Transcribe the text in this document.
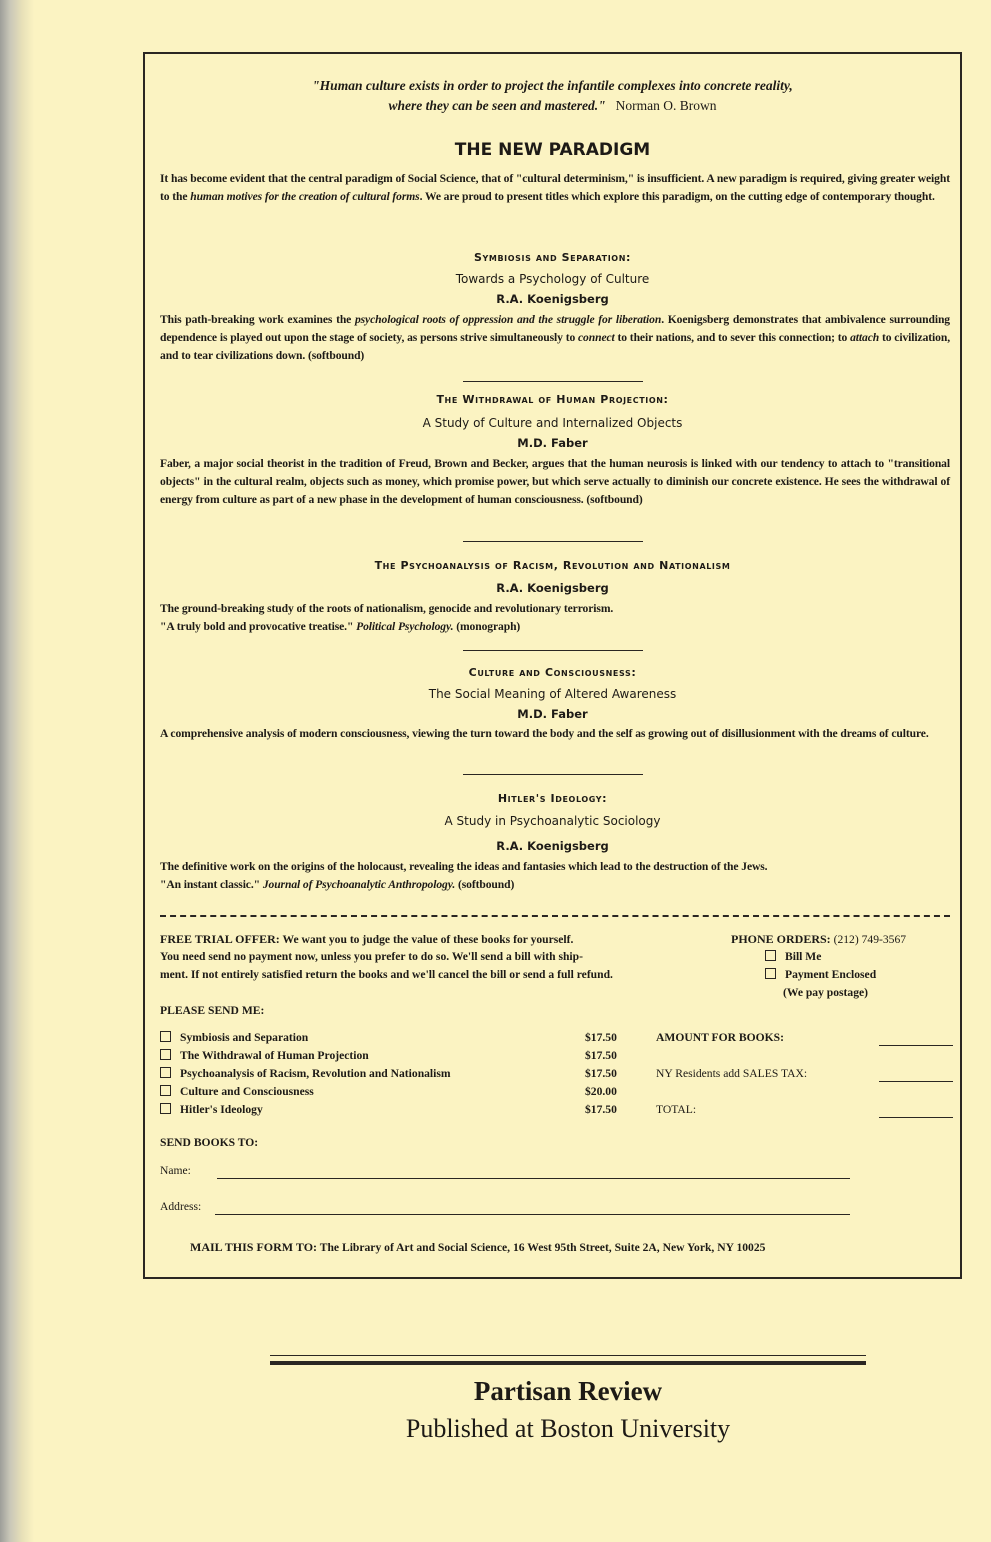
"Human culture exists in order to project the infantile complexes into concrete reality,
where they can be seen and mastered." Norman O. Brown
THE NEW PARADIGM
It has become evident that the central paradigm of Social Science, that of "cultural determinism," is insufficient. A new paradigm is required, giving greater weight to the human motives for the creation of cultural forms. We are proud to present titles which explore this paradigm, on the cutting edge of contemporary thought.
Symbiosis and Separation:
Towards a Psychology of Culture
R.A. Koenigsberg
This path-breaking work examines the psychological roots of oppression and the struggle for liberation. Koenigsberg demonstrates that ambivalence surrounding dependence is played out upon the stage of society, as persons strive simultaneously to connect to their nations, and to sever this connection; to attach to civilization, and to tear civilizations down. (softbound)
The Withdrawal of Human Projection:
A Study of Culture and Internalized Objects
M.D. Faber
Faber, a major social theorist in the tradition of Freud, Brown and Becker, argues that the human neurosis is linked with our tendency to attach to "transitional objects" in the cultural realm, objects such as money, which promise power, but which serve actually to diminish our concrete existence. He sees the withdrawal of energy from culture as part of a new phase in the development of human consciousness. (softbound)
The Psychoanalysis of Racism, Revolution and Nationalism
R.A. Koenigsberg
The ground-breaking study of the roots of nationalism, genocide and revolutionary terrorism.
"A truly bold and provocative treatise." Political Psychology. (monograph)
Culture and Consciousness:
The Social Meaning of Altered Awareness
M.D. Faber
A comprehensive analysis of modern consciousness, viewing the turn toward the body and the self as growing out of disillusionment with the dreams of culture.
Hitler's Ideology:
A Study in Psychoanalytic Sociology
R.A. Koenigsberg
The definitive work on the origins of the holocaust, revealing the ideas and fantasies which lead to the destruction of the Jews.
"An instant classic." Journal of Psychoanalytic Anthropology. (softbound)
FREE TRIAL OFFER: We want you to judge the value of these books for yourself.
You need send no payment now, unless you prefer to do so. We'll send a bill with ship-
ment. If not entirely satisfied return the books and we'll cancel the bill or send a full refund.
PHONE ORDERS: (212) 749-3567
Bill Me
Payment Enclosed
(We pay postage)
PLEASE SEND ME:
Symbiosis and Separation	$17.50
The Withdrawal of Human Projection	$17.50
Psychoanalysis of Racism, Revolution and Nationalism	$17.50
Culture and Consciousness	$20.00
Hitler's Ideology	$17.50
AMOUNT FOR BOOKS:
NY Residents add SALES TAX:
TOTAL:
SEND BOOKS TO:
Name:
Address:
MAIL THIS FORM TO: The Library of Art and Social Science, 16 West 95th Street, Suite 2A, New York, NY 10025
Partisan Review
Published at Boston University
